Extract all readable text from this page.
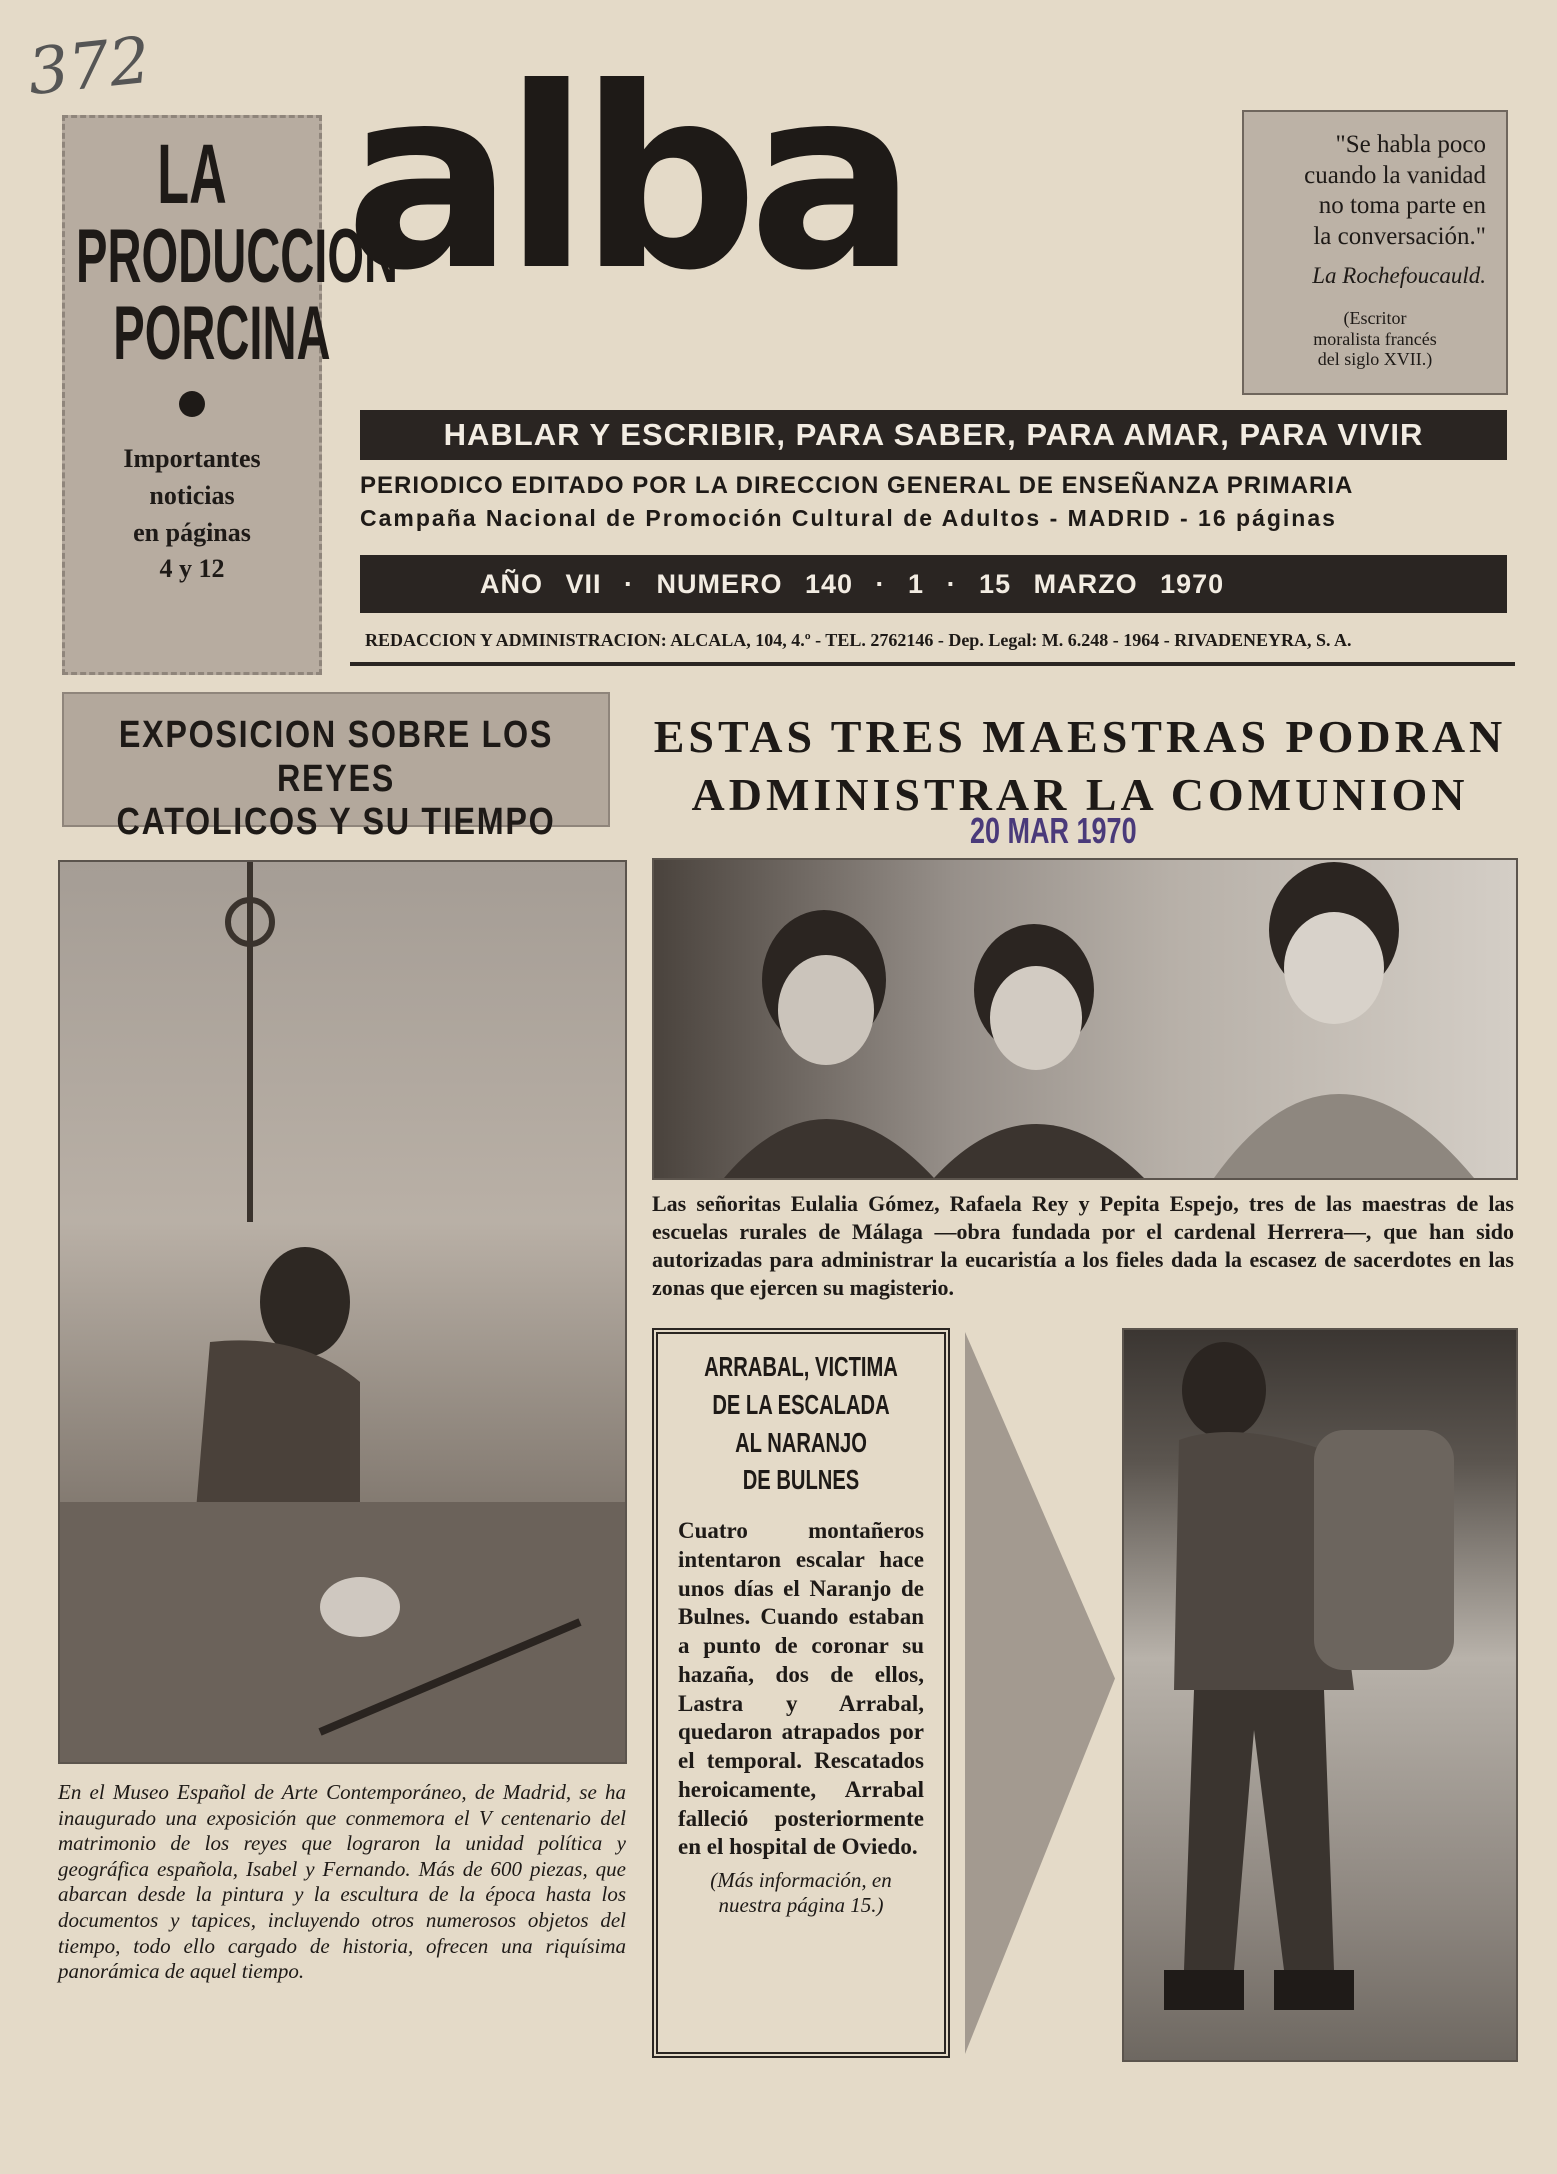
372
LA
PRODUCCION
PORCINA
Importantes
noticias
en páginas
4 y 12
alba	"Se habla poco
cuando la vanidad
no toma parte en
la conversación."
La Rochefoucauld.
(Escritor
moralista francés
del siglo XVII.)
HABLAR Y ESCRIBIR, PARA SABER, PARA AMAR, PARA VIVIR
PERIODICO EDITADO POR LA DIRECCION GENERAL DE ENSEÑANZA PRIMARIA
Campaña Nacional de Promoción Cultural de Adultos - MADRID - 16 páginas
AÑO VII · NUMERO 140 · 1 · 15 MARZO 1970
REDACCION Y ADMINISTRACION: ALCALA, 104, 4.º - TEL. 2762146 - Dep. Legal: M. 6.248 - 1964 - RIVADENEYRA, S. A.
EXPOSICION SOBRE LOS REYES
CATOLICOS Y SU TIEMPO
ESTAS TRES MAESTRAS PODRAN
ADMINISTRAR LA COMUNION
20 MAR 1970
En el Museo Español de Arte Contemporáneo, de Madrid, se ha inaugurado una exposición que conmemora el V centenario del matrimonio de los reyes que lograron la unidad política y geográfica española, Isabel y Fernando. Más de 600 piezas, que abarcan desde la pintura y la escultura de la época hasta los documentos y tapices, incluyendo otros numerosos objetos del tiempo, todo ello cargado de historia, ofrecen una riquísima panorámica de aquel tiempo.
Las señoritas Eulalia Gómez, Rafaela Rey y Pepita Espejo, tres de las maestras de las escuelas rurales de Málaga —obra fundada por el cardenal Herrera—, que han sido autorizadas para administrar la eucaristía a los fieles dada la escasez de sacerdotes en las zonas que ejercen su magisterio.
ARRABAL, VICTIMA
DE LA ESCALADA
AL NARANJO
DE BULNES
Cuatro montañeros intentaron escalar hace unos días el Naranjo de Bulnes. Cuando estaban a punto de coronar su hazaña, dos de ellos, Lastra y Arrabal, quedaron atrapados por el temporal. Rescatados heroicamente, Arrabal falleció posteriormente en el hospital de Oviedo.
(Más información, en nuestra página 15.)
